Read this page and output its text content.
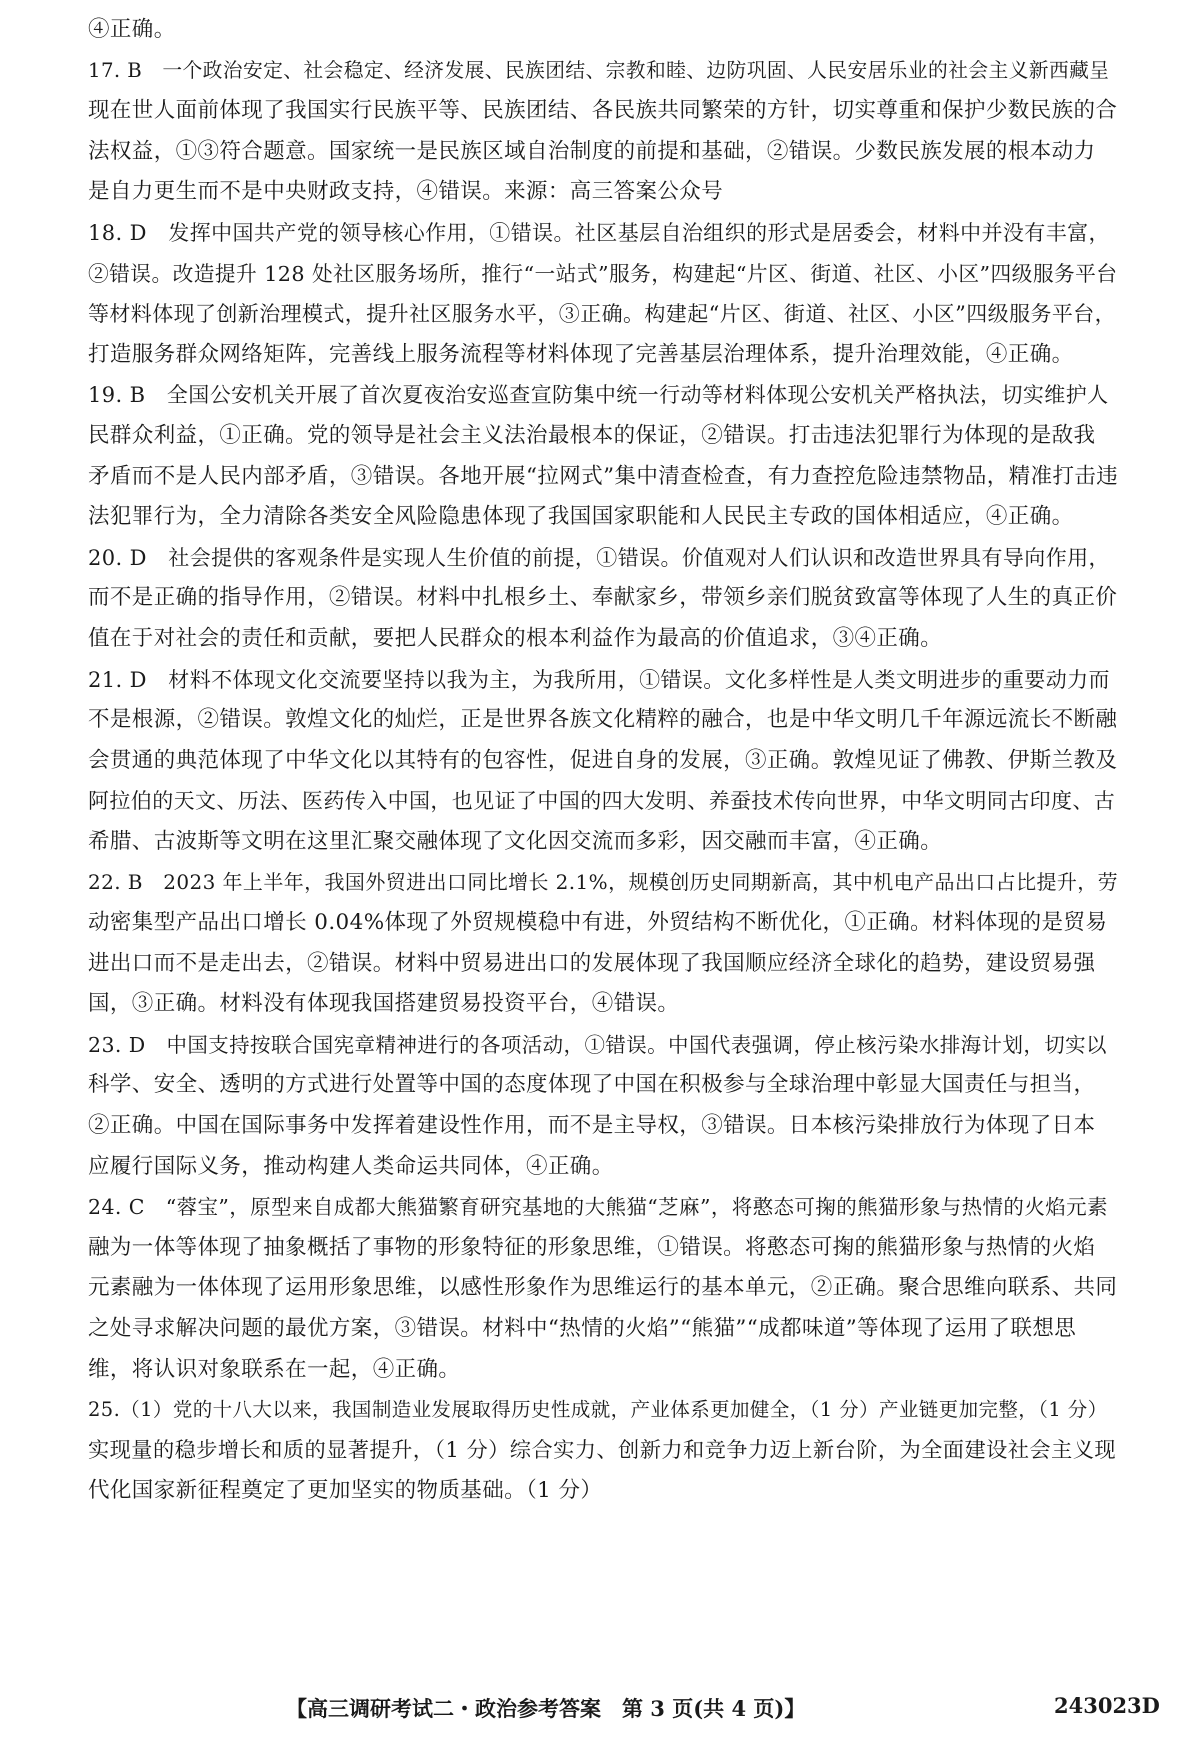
④正确。
17. B　一个政治安定、社会稳定、经济发展、民族团结、宗教和睦、边防巩固、人民安居乐业的社会主义新西藏呈
现在世人面前体现了我国实行民族平等、民族团结、各民族共同繁荣的方针，切实尊重和保护少数民族的合
法权益，①③符合题意。国家统一是民族区域自治制度的前提和基础，②错误。少数民族发展的根本动力
是自力更生而不是中央财政支持，④错误。来源：高三答案公众号
18. D　发挥中国共产党的领导核心作用，①错误。社区基层自治组织的形式是居委会，材料中并没有丰富，
②错误。改造提升 128 处社区服务场所，推行“一站式”服务，构建起“片区、街道、社区、小区”四级服务平台
等材料体现了创新治理模式，提升社区服务水平，③正确。构建起“片区、街道、社区、小区”四级服务平台，
打造服务群众网络矩阵，完善线上服务流程等材料体现了完善基层治理体系，提升治理效能，④正确。
19. B　全国公安机关开展了首次夏夜治安巡查宣防集中统一行动等材料体现公安机关严格执法，切实维护人
民群众利益，①正确。党的领导是社会主义法治最根本的保证，②错误。打击违法犯罪行为体现的是敌我
矛盾而不是人民内部矛盾，③错误。各地开展“拉网式”集中清查检查，有力查控危险违禁物品，精准打击违
法犯罪行为，全力清除各类安全风险隐患体现了我国国家职能和人民民主专政的国体相适应，④正确。
20. D　社会提供的客观条件是实现人生价值的前提，①错误。价值观对人们认识和改造世界具有导向作用，
而不是正确的指导作用，②错误。材料中扎根乡土、奉献家乡，带领乡亲们脱贫致富等体现了人生的真正价
值在于对社会的责任和贡献，要把人民群众的根本利益作为最高的价值追求，③④正确。
21. D　材料不体现文化交流要坚持以我为主，为我所用，①错误。文化多样性是人类文明进步的重要动力而
不是根源，②错误。敦煌文化的灿烂，正是世界各族文化精粹的融合，也是中华文明几千年源远流长不断融
会贯通的典范体现了中华文化以其特有的包容性，促进自身的发展，③正确。敦煌见证了佛教、伊斯兰教及
阿拉伯的天文、历法、医药传入中国，也见证了中国的四大发明、养蚕技术传向世界，中华文明同古印度、古
希腊、古波斯等文明在这里汇聚交融体现了文化因交流而多彩，因交融而丰富，④正确。
22. B　2023 年上半年，我国外贸进出口同比增长 2.1%，规模创历史同期新高，其中机电产品出口占比提升，劳
动密集型产品出口增长 0.04%体现了外贸规模稳中有进，外贸结构不断优化，①正确。材料体现的是贸易
进出口而不是走出去，②错误。材料中贸易进出口的发展体现了我国顺应经济全球化的趋势，建设贸易强
国，③正确。材料没有体现我国搭建贸易投资平台，④错误。
23. D　中国支持按联合国宪章精神进行的各项活动，①错误。中国代表强调，停止核污染水排海计划，切实以
科学、安全、透明的方式进行处置等中国的态度体现了中国在积极参与全球治理中彰显大国责任与担当，
②正确。中国在国际事务中发挥着建设性作用，而不是主导权，③错误。日本核污染排放行为体现了日本
应履行国际义务，推动构建人类命运共同体，④正确。
24. C　“蓉宝”，原型来自成都大熊猫繁育研究基地的大熊猫“芝麻”，将憨态可掬的熊猫形象与热情的火焰元素
融为一体等体现了抽象概括了事物的形象特征的形象思维，①错误。将憨态可掬的熊猫形象与热情的火焰
元素融为一体体现了运用形象思维，以感性形象作为思维运行的基本单元，②正确。聚合思维向联系、共同
之处寻求解决问题的最优方案，③错误。材料中“热情的火焰”“熊猫”“成都味道”等体现了运用了联想思
维，将认识对象联系在一起，④正确。
25.（1）党的十八大以来，我国制造业发展取得历史性成就，产业体系更加健全，（1 分）产业链更加完整，（1 分）
实现量的稳步增长和质的显著提升，（1 分）综合实力、创新力和竞争力迈上新台阶，为全面建设社会主义现
代化国家新征程奠定了更加坚实的物质基础。（1 分）
【高三调研考试二・政治参考答案　第 3 页(共 4 页)】	243023D
